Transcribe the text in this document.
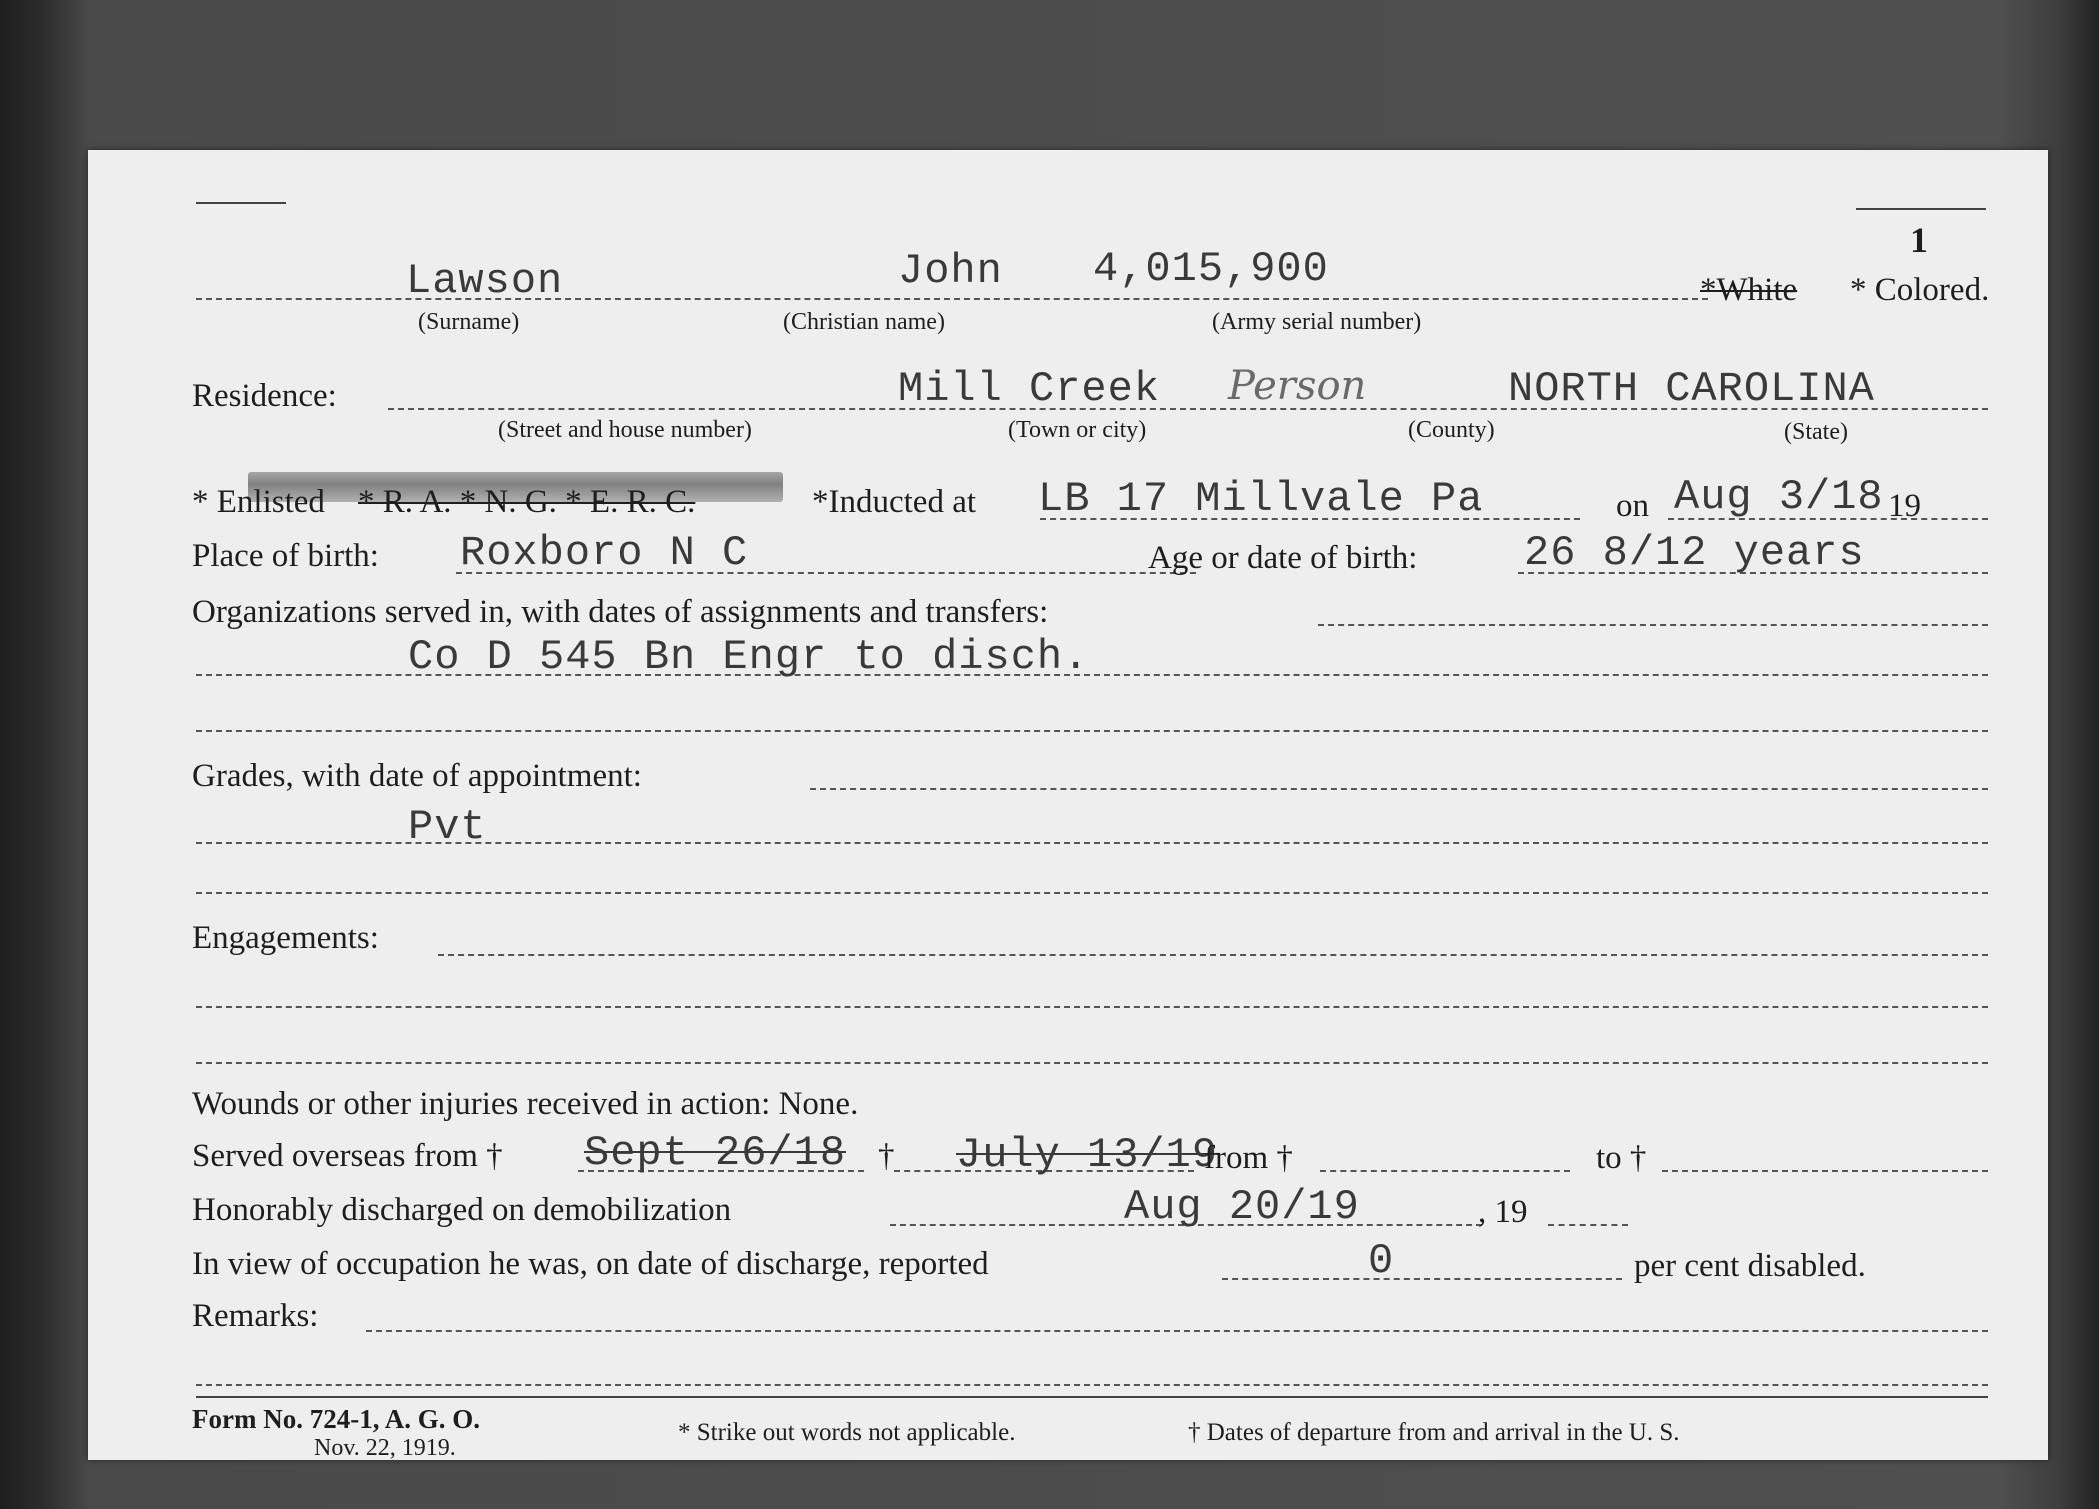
1
Lawson	John 4,015,900	*White * Colored.
(Surname)	(Christian name)	(Army serial number)
Residence:	Mill Creek Person	NORTH CAROLINA
(Street and house number)	(Town or city)	(County)	(State)
* Enlisted * R. A. * N. G. * E. R. C.	*Inducted at LB 17 Millvale Pa	on Aug 3/18 19
Place of birth: Roxboro N C	Age or date of birth:	26 8/12 years
Organizations served in, with dates of assignments and transfers:
Co D 545 Bn Engr to disch.
Grades, with date of appointment:
Pvt
Engagements:
Wounds or other injuries received in action: None.
Served overseas from † Sept 26/18 † July 13/19
from †	to †
Honorably discharged on demobilization	Aug 20/19	, 19
In view of occupation he was, on date of discharge, reported	0	per cent disabled.
Remarks:
Form No. 724-1, A. G. O.
Nov. 22, 1919.
* Strike out words not applicable.	† Dates of departure from and arrival in the U. S.
